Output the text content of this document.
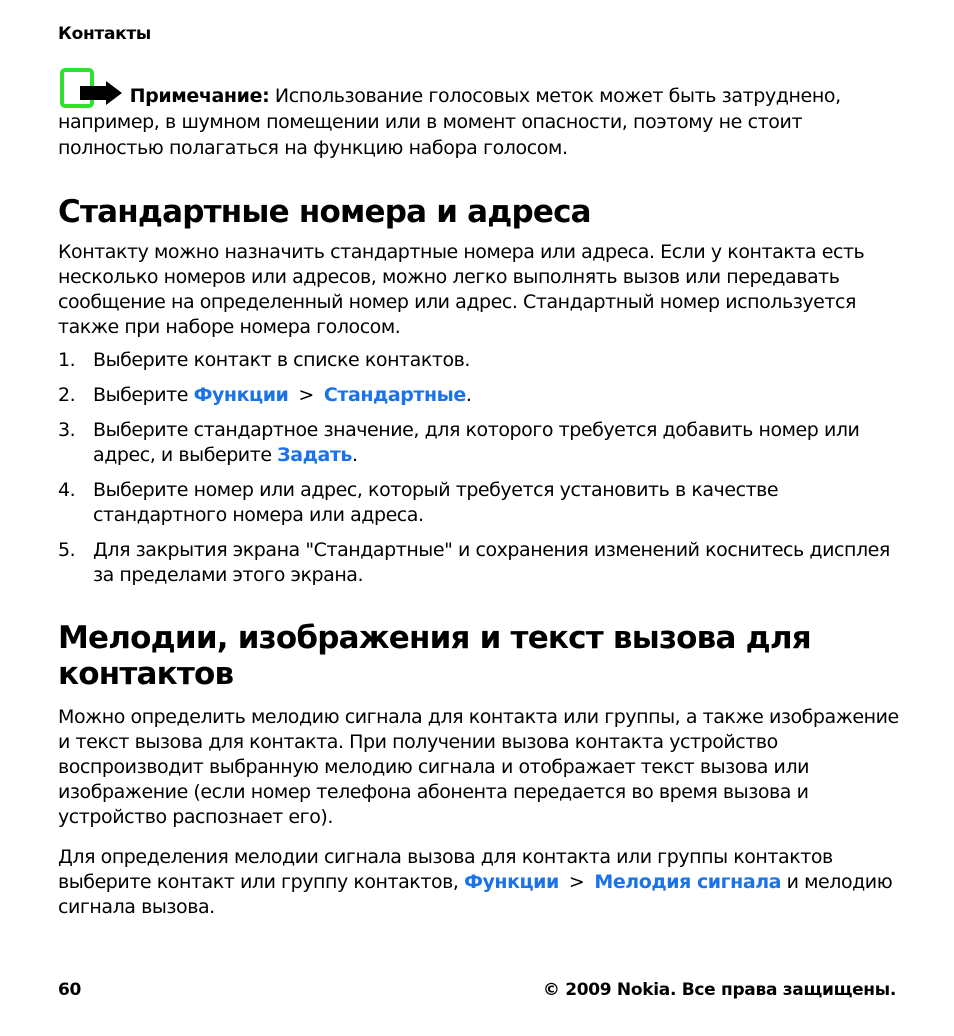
Контакты
Примечание: Использование голосовых меток может быть затруднено, например, в шумном помещении или в момент опасности, поэтому не стоит полностью полагаться на функцию набора голосом.
Стандартные номера и адреса

Контакту можно назначить стандартные номера или адреса. Если у контакта есть несколько номеров или адресов, можно легко выполнять вызов или передавать сообщение на определенный номер или адрес. Стандартный номер используется также при наборе номера голосом.

1. Выберите контакт в списке контактов.
2. Выберите Функции > Стандартные.
3. Выберите стандартное значение, для которого требуется добавить номер или адрес, и выберите Задать.
4. Выберите номер или адрес, который требуется установить в качестве стандартного номера или адреса.
5. Для закрытия экрана "Стандартные" и сохранения изменений коснитесь дисплея за пределами этого экрана.
Мелодии, изображения и текст вызова для контактов

Можно определить мелодию сигнала для контакта или группы, а также изображение и текст вызова для контакта. При получении вызова контакта устройство воспроизводит выбранную мелодию сигнала и отображает текст вызова или изображение (если номер телефона абонента передается во время вызова и устройство распознает его).

Для определения мелодии сигнала вызова для контакта или группы контактов выберите контакт или группу контактов, Функции > Мелодия сигнала и мелодию сигнала вызова.

60	© 2009 Nokia. Все права защищены.
